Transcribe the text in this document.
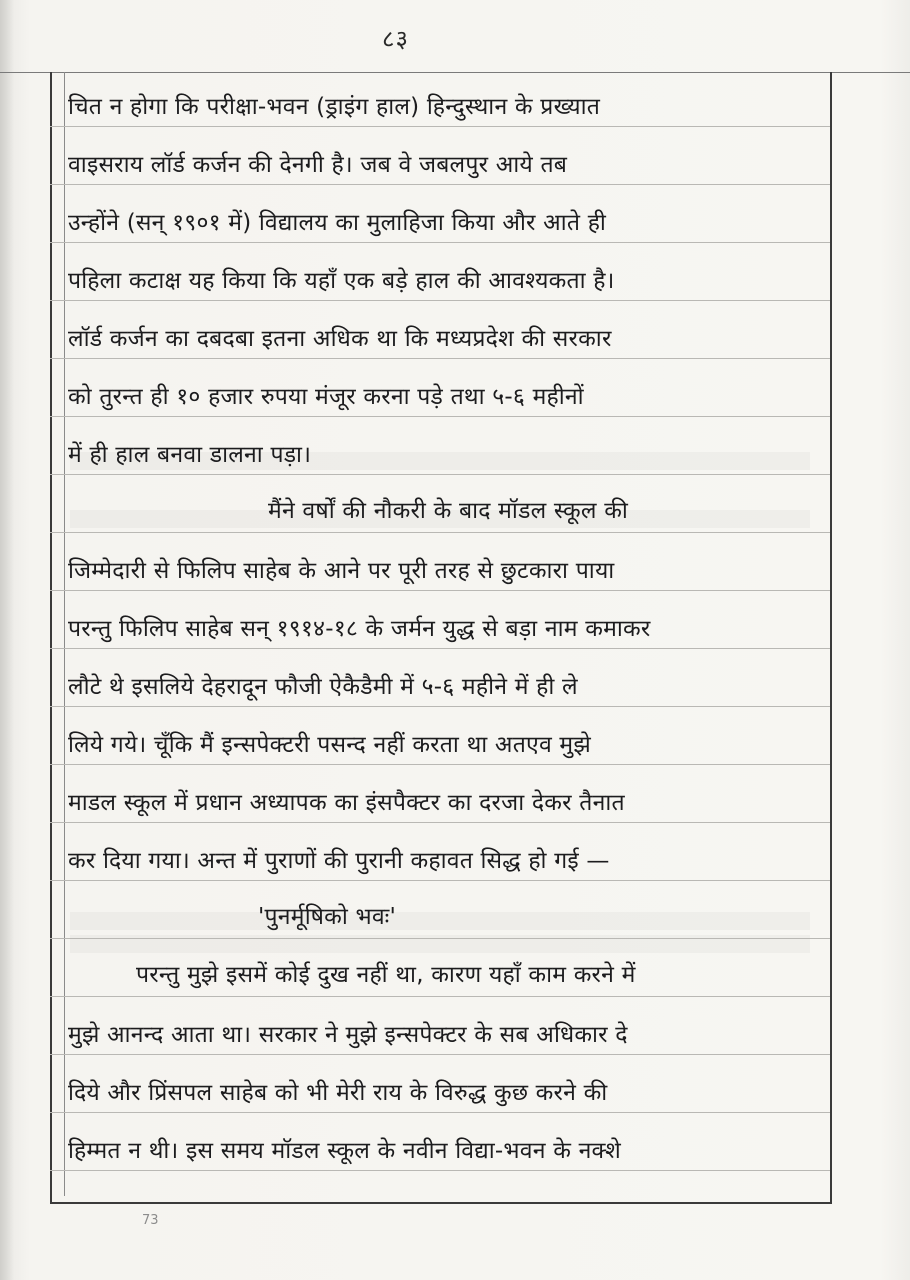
८३
चित न होगा कि परीक्षा-भवन (ड्राइंग हाल) हिन्दुस्थान के प्रख्यात
वाइसराय लॉर्ड कर्जन की देनगी है। जब वे जबलपुर आये तब
उन्होंने (सन् १९०१ में) विद्यालय का मुलाहिजा किया और आते ही
पहिला कटाक्ष यह किया कि यहाँ एक बड़े हाल की आवश्यकता है।
लॉर्ड कर्जन का दबदबा इतना अधिक था कि मध्यप्रदेश की सरकार
को तुरन्त ही १० हजार रुपया मंजूर करना पड़े तथा ५-६ महीनों
में ही हाल बनवा डालना पड़ा।
मैंने वर्षों की नौकरी के बाद मॉडल स्कूल की
जिम्मेदारी से फिलिप साहेब के आने पर पूरी तरह से छुटकारा पाया
परन्तु फिलिप साहेब सन् १९१४-१८ के जर्मन युद्ध से बड़ा नाम कमाकर
लौटे थे इसलिये देहरादून फौजी ऐकैडैमी में ५-६ महीने में ही ले
लिये गये। चूँकि मैं इन्सपेक्टरी पसन्द नहीं करता था अतएव मुझे
माडल स्कूल में प्रधान अध्यापक का इंसपैक्टर का दरजा देकर तैनात
कर दिया गया। अन्त में पुराणों की पुरानी कहावत सिद्ध हो गई —
'पुनर्मूषिको भवः'
परन्तु मुझे इसमें कोई दुख नहीं था, कारण यहाँ काम करने में
मुझे आनन्द आता था। सरकार ने मुझे इन्सपेक्टर के सब अधिकार दे
दिये और प्रिंसपल साहेब को भी मेरी राय के विरुद्ध कुछ करने की
हिम्मत न थी। इस समय मॉडल स्कूल के नवीन विद्या-भवन के नक्शे
73
